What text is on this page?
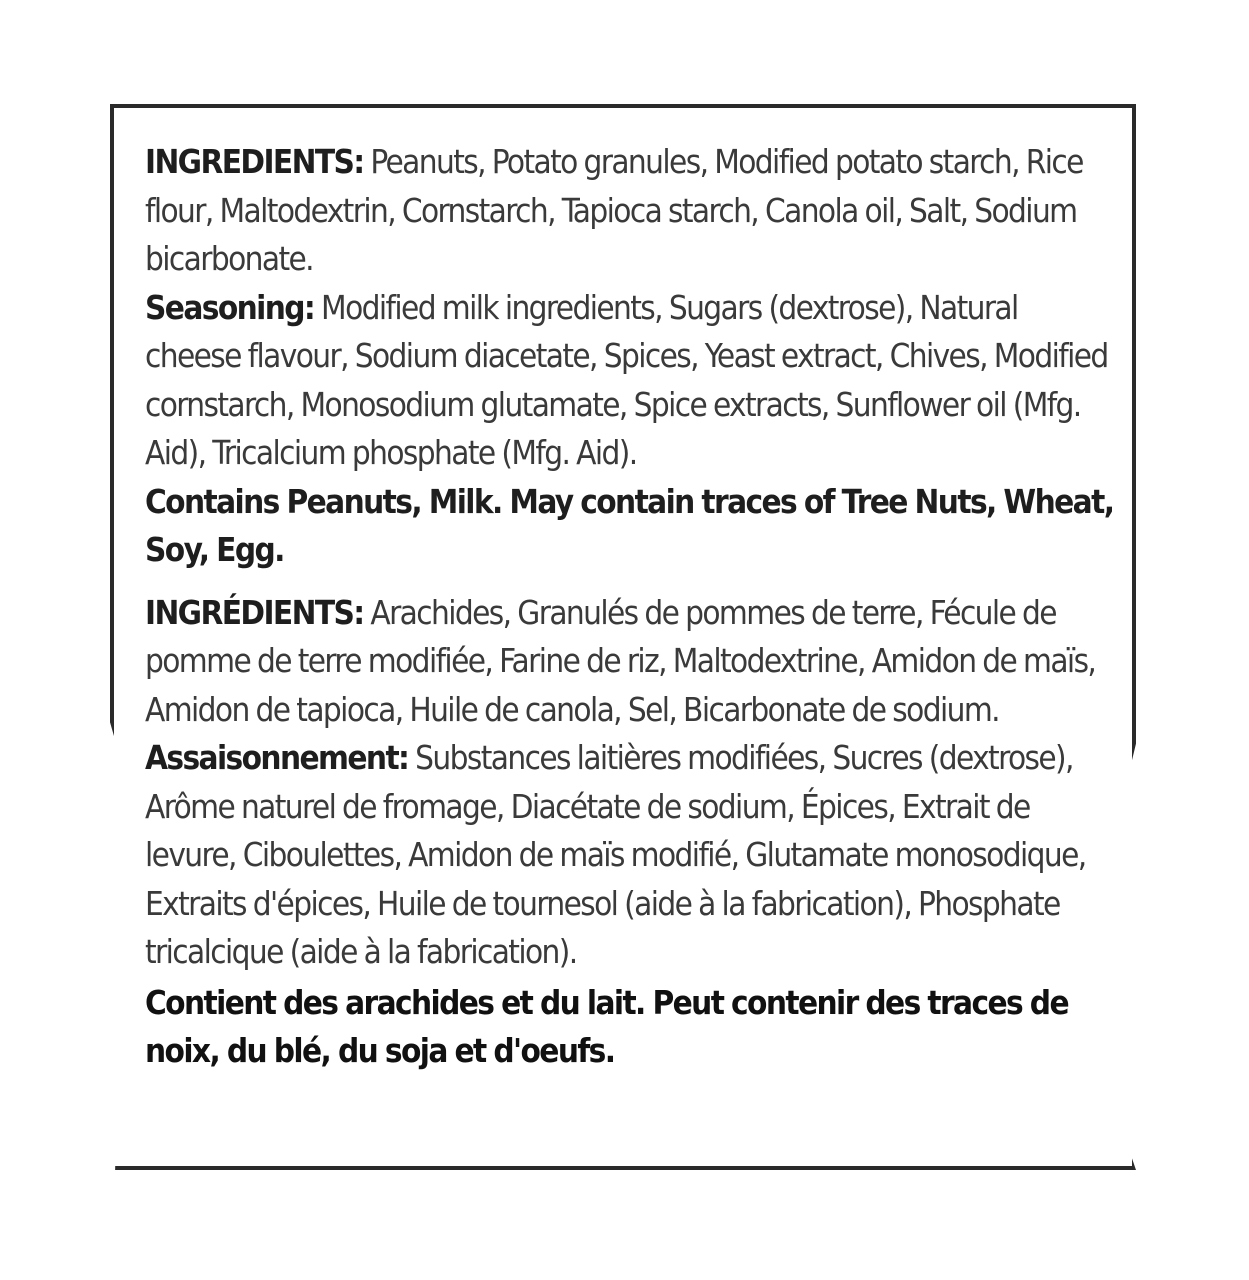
INGREDIENTS: Peanuts, Potato granules, Modified potato starch, Rice flour, Maltodextrin, Cornstarch, Tapioca starch, Canola oil, Salt, Sodium bicarbonate.

Seasoning: Modified milk ingredients, Sugars (dextrose), Natural cheese flavour, Sodium diacetate, Spices, Yeast extract, Chives, Modified cornstarch, Monosodium glutamate, Spice extracts, Sunflower oil (Mfg. Aid), Tricalcium phosphate (Mfg. Aid).

Contains Peanuts, Milk. May contain traces of Tree Nuts, Wheat, Soy, Egg.

INGRÉDIENTS: Arachides, Granulés de pommes de terre, Fécule de pomme de terre modifiée, Farine de riz, Maltodextrine, Amidon de maïs, Amidon de tapioca, Huile de canola, Sel, Bicarbonate de sodium.

Assaisonnement: Substances laitières modifiées, Sucres (dextrose), Arôme naturel de fromage, Diacétate de sodium, Épices, Extrait de levure, Ciboulettes, Amidon de maïs modifié, Glutamate monosodique, Extraits d'épices, Huile de tournesol (aide à la fabrication), Phosphate tricalcique (aide à la fabrication).

Contient des arachides et du lait. Peut contenir des traces de noix, du blé, du soja et d'oeufs.
